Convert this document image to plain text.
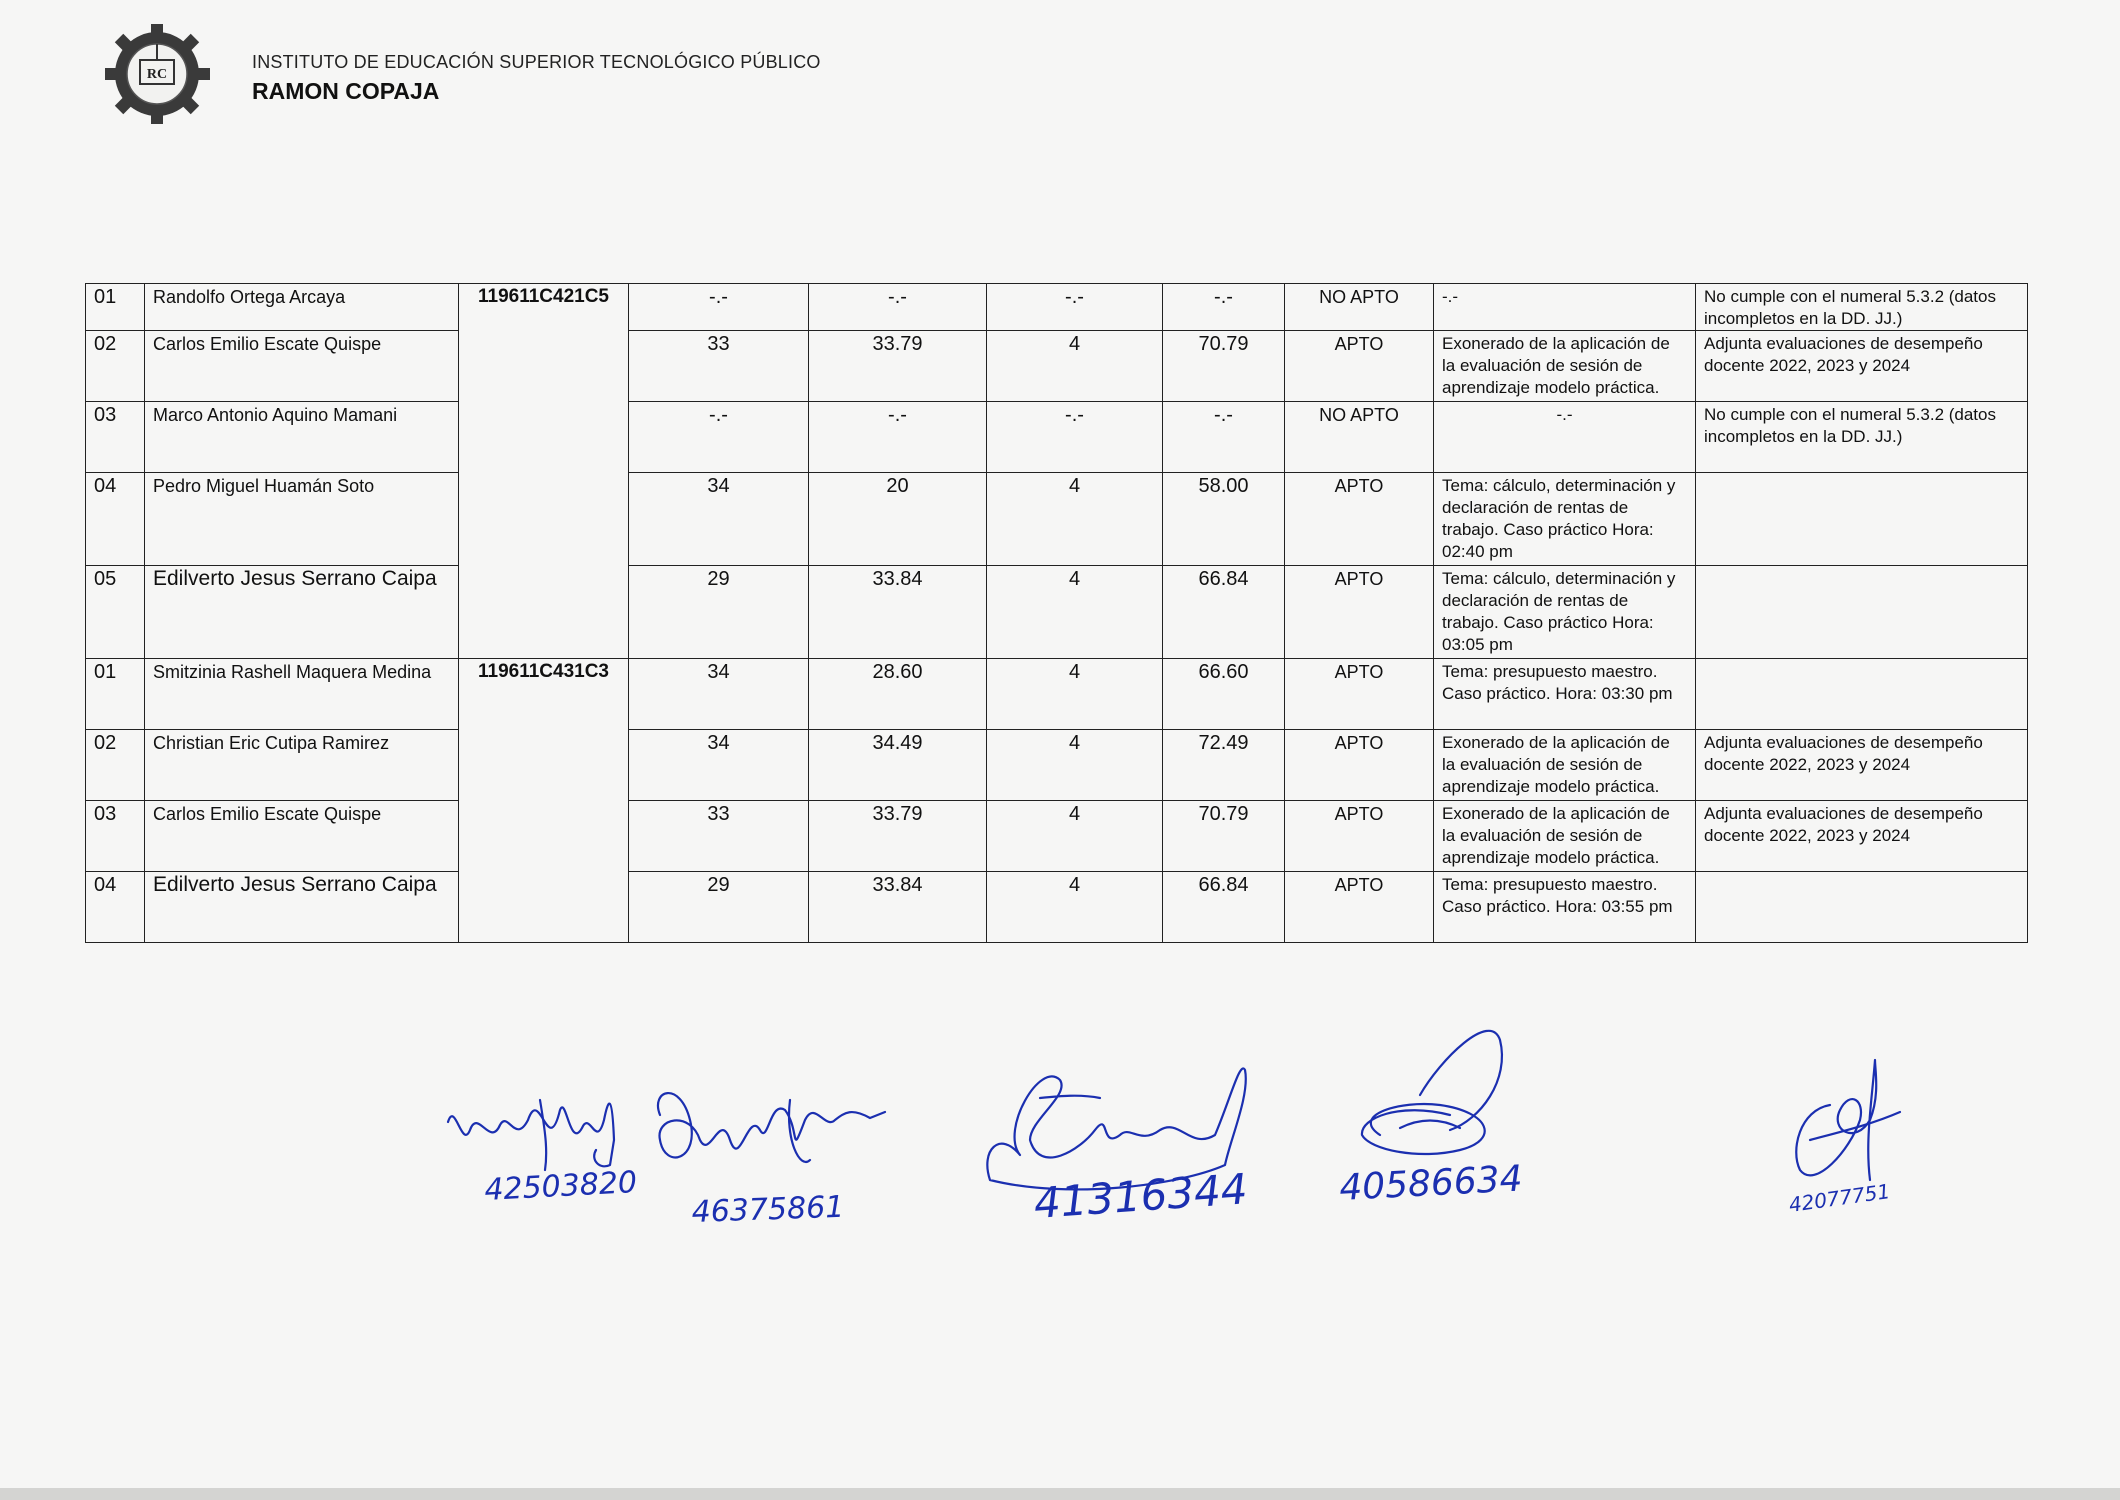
RC
INSTITUTO DE EDUCACIÓN SUPERIOR TECNOLÓGICO PÚBLICO
RAMON COPAJA
01	Randolfo Ortega Arcaya	119611C421C5	-.-	-.-	-.-	-.-	NO APTO	-.-	No cumple con el numeral 5.3.2 (datos incompletos en la DD. JJ.)
02	Carlos Emilio Escate Quispe		33	33.79	4	70.79	APTO	Exonerado de la aplicación de la evaluación de sesión de aprendizaje modelo práctica.	Adjunta evaluaciones de desempeño docente 2022, 2023 y 2024
03	Marco Antonio Aquino Mamani		-.-	-.-	-.-	-.-	NO APTO	-.-	No cumple con el numeral 5.3.2 (datos incompletos en la DD. JJ.)
04	Pedro Miguel Huamán Soto		34	20	4	58.00	APTO	Tema: cálculo, determinación y declaración de rentas de trabajo. Caso práctico Hora: 02:40 pm	
05	Edilverto Jesus Serrano Caipa		29	33.84	4	66.84	APTO	Tema: cálculo, determinación y declaración de rentas de trabajo. Caso práctico Hora: 03:05 pm	
01	Smitzinia Rashell Maquera Medina	119611C431C3	34	28.60	4	66.60	APTO	Tema: presupuesto maestro. Caso práctico. Hora: 03:30 pm	
02	Christian Eric Cutipa Ramirez		34	34.49	4	72.49	APTO	Exonerado de la aplicación de la evaluación de sesión de aprendizaje modelo práctica.	Adjunta evaluaciones de desempeño docente 2022, 2023 y 2024
03	Carlos Emilio Escate Quispe		33	33.79	4	70.79	APTO	Exonerado de la aplicación de la evaluación de sesión de aprendizaje modelo práctica.	Adjunta evaluaciones de desempeño docente 2022, 2023 y 2024
04	Edilverto Jesus Serrano Caipa		29	33.84	4	66.84	APTO	Tema: presupuesto maestro. Caso práctico. Hora: 03:55 pm	
42503820
46375861	41316344 40586634	42077751
